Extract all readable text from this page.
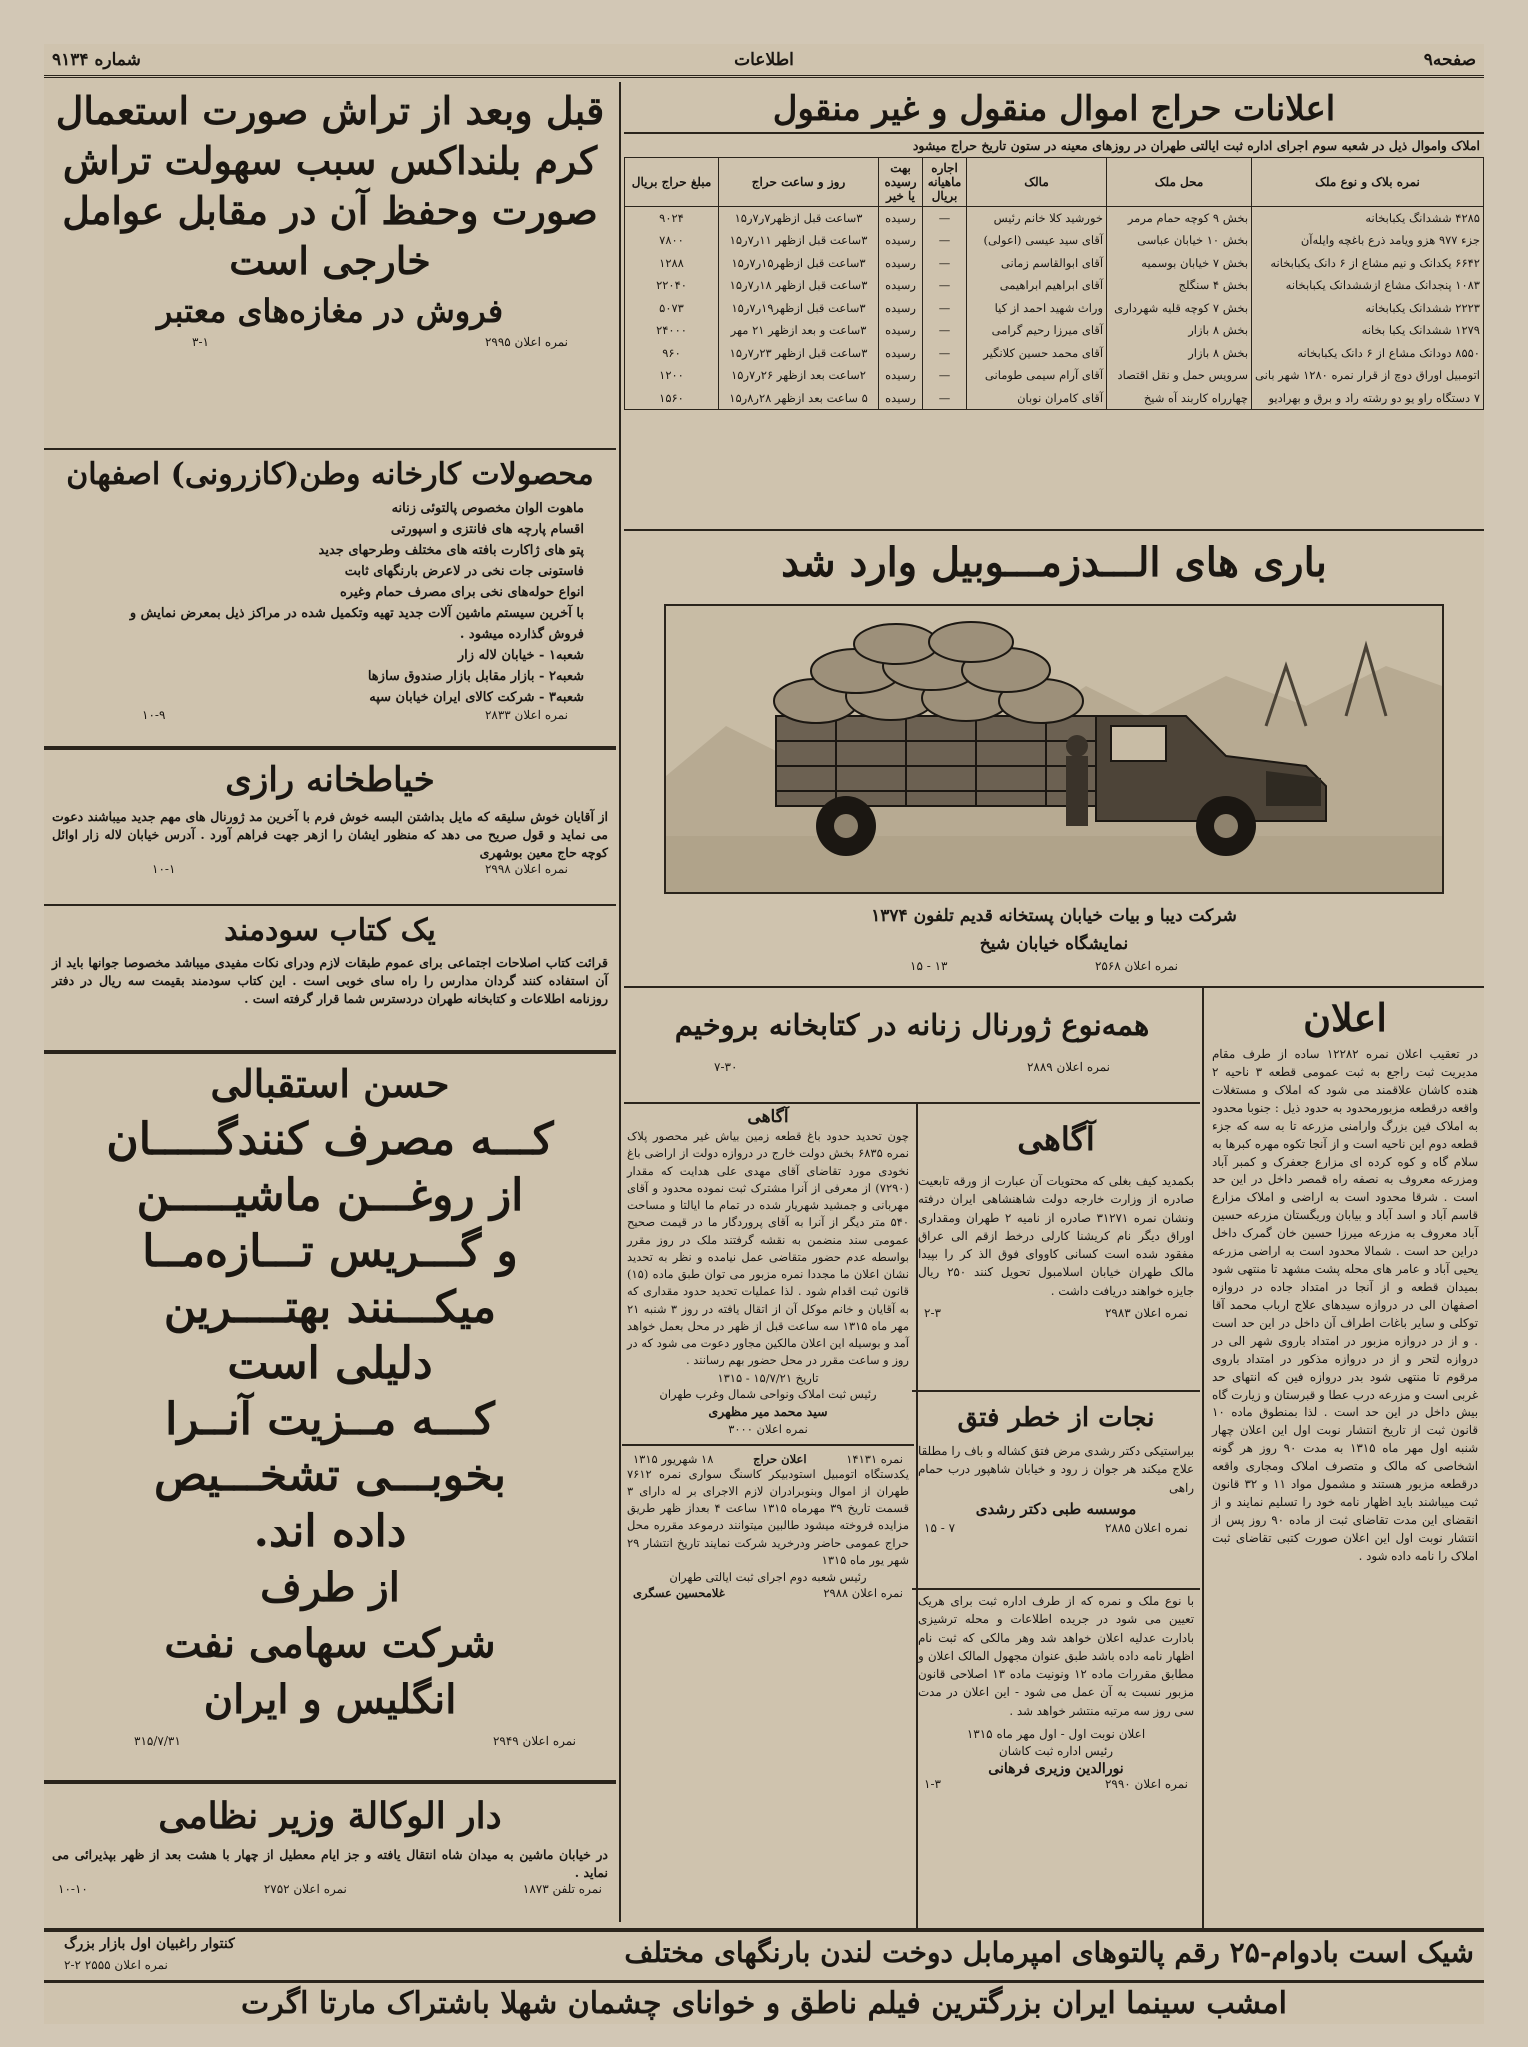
صفحه۹
اطلاعات
شماره ۹۱۳۴
اعلانات حراج اموال منقول و غیر منقول
املاک واموال ذیل در شعبه سوم اجرای اداره ثبت ایالتی طهران در روزهای معینه در ستون تاریخ حراج میشود
نمره بلاک و نوع ملک	محل ملک	مالک	اجاره ماهیانه بریال	بهت رسیده یا خیر	روز و ساعت حراج	مبلغ حراج بریال
۴۲۸۵ ششدانگ یکبابخانه	بخش ۹ کوچه حمام مرمر	خورشید کلا خانم رئیس	—	رسیده	۳ساعت قبل ازظهر۷ر۷ر۱۵	۹۰۲۴
جزء ۹۷۷ هزو ویامد ذرع باغچه وایله‌آن	بخش ۱۰ خیابان عباسی	آقای سید عیسی (اعولی)	—	رسیده	۳ساعت قبل ازظهر ۱۱ر۷ر۱۵	۷۸۰۰
۶۶۴۲ یکدانک و نیم مشاع از ۶ دانک یکبابخانه	بخش ۷ خیابان بوسمیه	آقای ابوالقاسم زمانی	—	رسیده	۳ساعت قبل ازظهر۱۵ر۷ر۱۵	۱۲۸۸
۱۰۸۳ پنجدانک مشاع ازششدانک یکبابخانه	بخش ۴ سنگلج	آقای ابراهیم ابراهیمی	—	رسیده	۳ساعت قبل ازظهر ۱۸ر۷ر۱۵	۲۲۰۴۰
۲۲۲۳ ششدانک یکبابخانه	بخش ۷ کوچه قلیه شهرداری	وراث شهید احمد از کیا	—	رسیده	۳ساعت قبل ازظهر۱۹ر۷ر۱۵	۵۰۷۳
۱۲۷۹ ششدانک یکبا بخانه	بخش ۸ بازار	آقای میرزا رحیم گرامی	—	رسیده	۳ساعت و بعد ازظهر ۲۱ مهر	۲۴۰۰۰
۸۵۵۰ دودانک مشاع از ۶ دانک یکبابخانه	بخش ۸ بازار	آقای محمد حسین کلانگیر	—	رسیده	۳ساعت قبل ازظهر ۲۳ر۷ر۱۵	۹۶۰
اتومبیل اوراق دوچ از قرار نمره ۱۲۸۰ شهر بانی	سرویس حمل و نقل اقتصاد	آقای آرام سیمی طومانی	—	رسیده	۲ساعت بعد ازظهر ۲۶ر۷ر۱۵	۱۲۰۰
۷ دستگاه راو یو دو رشته راد و برق و بهرادیو	چهارراه کاربند آه شیخ	آقای کامران نوبان	—	رسیده	۵ ساعت بعد ازظهر ۲۸ر۸ر۱۵	۱۵۶۰
باری های الـــدزمـــوبیل وارد شد
شرکت دیبا و بیات خیابان پستخانه قدیم تلفون ۱۳۷۴
نمایشگاه خیابان شیخ
نمره اعلان ۲۵۶۸
۱۳ - ۱۵
اعلان
در تعقیب اعلان نمره ۱۲۲۸۲ ساده از طرف مقام مدیریت ثبت راجع به ثبت عمومی قطعه ۳ ناحیه ۲ هنده کاشان علاقمند می شود که املاک و مستغلات واقعه درقطعه مزبورمحدود به حدود ذیل : جنوبا محدود به املاک فین بزرگ وارامنی مزرعه تا به سه که جزء قطعه دوم این ناحیه است و از آنجا تکوه مهره کبرها به سلام گاه و کوه کرده ای مزارع جعفرک و کمبر آباد ومزرعه معروف به نصفه راه قمصر داخل در این حد است . شرقا محدود است به اراضی و املاک مزارع قاسم آباد و اسد آباد و بیابان وریگستان مزرعه حسین آباد معروف به مزرعه میرزا حسین خان گمرک داخل دراین حد است . شمالا محدود است به اراضی مزرعه یحیی آباد و عامر های محله پشت مشهد تا منتهی شود بمیدان قطعه و از آنجا در امتداد جاده در دروازه اصفهان الی در دروازه سیدهای علاج ارباب محمد آقا توکلی و سایر باغات اطراف آن داخل در این حد است . و از در دروازه مزبور در امتداد باروی شهر الی در دروازه لتحر و از در دروازه مذکور در امتداد باروی مرقوم تا منتهی شود بدر دروازه فین که انتهای حد غربی است و مزرعه درب عطا و قبرستان و زیارت گاه بیش داخل در این حد است . لذا بمنطوق ماده ۱۰ قانون ثبت از تاریخ انتشار نوبت اول این اعلان چهار شنبه اول مهر ماه ۱۳۱۵ به مدت ۹۰ روز هر گونه اشخاصی که مالک و متصرف املاک ومجاری واقعه درقطعه مزبور هستند و مشمول مواد ۱۱ و ۳۲ قانون ثبت میباشند باید اظهار نامه خود را تسلیم نمایند و از انقضای این مدت تقاضای ثبت از ماده ۹۰ روز پس از انتشار نوبت اول این اعلان صورت کتبی تقاضای ثبت املاک را نامه داده شود .
همه‌نوع ژورنال زنانه در کتابخانه بروخیم
نمره اعلان ۲۸۸۹
۷-۳۰
آگاهی
چون تحدید حدود باغ قطعه زمین بیاش غیر محصور پلاک نمره ۶۸۳۵ بخش دولت خارج در دروازه دولت از اراضی باغ نخودی مورد تقاضای آقای مهدی علی هدایت که مقدار (۷۲۹۰) از معرفی از آنرا مشترک ثبت نموده محدود و آقای مهربانی و جمشید شهریار شده در تمام ما ایالتا و مساحت ۵۴۰ متر دیگر از آنرا به آقای پروردگار ما در قیمت صحیح عمومی سند منضمن به نقشه گرفتند ملک در روز مقرر بواسطه عدم حضور متقاضی عمل نیامده و نظر به تحدید نشان اعلان ما مجددا نمره مزبور می توان طبق ماده (۱۵) قانون ثبت اقدام شود . لذا عملیات تحدید حدود مقداری که به آقایان و خانم موکل آن از اتقال یافته در روز ۳ شنبه ۲۱ مهر ماه ۱۳۱۵ سه ساعت قبل از ظهر در محل بعمل خواهد آمد و بوسیله این اعلان مالکین مجاور دعوت می شود که در روز و ساعت مقرر در محل حضور بهم رسانند .
تاریخ ۱۵/۷/۲۱ - ۱۳۱۵
رئیس ثبت املاک ونواحی شمال وغرب طهران
سید محمد میر مظهری
نمره اعلان ۳۰۰۰
نمره ۱۴۱۳۱
اعلان حراج
۱۸ شهریور ۱۳۱۵
یکدستگاه اتومبیل استودبیکر کاسنگ سواری نمره ۷۶۱۲ طهران از اموال وبنوبرادران لازم الاجرای بر له دارای ۳ قسمت تاریخ ۳۹ مهرماه ۱۳۱۵ ساعت ۴ بعداز ظهر طریق مزایده فروخته میشود طالبین میتوانند درموعد مقرره محل حراج عمومی حاضر ودرخرید شرکت نمایند تاریخ انتشار ۲۹ شهر یور ماه ۱۳۱۵
رئیس شعبه دوم اجرای ثبت ایالتی طهران
نمره اعلان ۲۹۸۸
غلامحسین عسگری
آگاهی
بکمدید کیف بغلی که محتویات آن عبارت از ورقه تابعیت صادره از وزارت خارجه دولت شاهنشاهی ایران درفته ونشان نمره ۳۱۲۷۱ صادره از نامیه ۲ طهران ومقداری اوراق دیگر نام کریشنا کارلی درخط ازقم الی عراق مفقود شده است کسانی کاووای فوق الذ کر را بپیدا مالک طهران خیابان اسلامبول تحویل کنند ۲۵۰ ریال جایزه خواهند دریافت داشت .
نمره اعلان ۲۹۸۳
۲-۳
نجات از خطر فتق
بیراستیکی دکتر رشدی مرض فتق کشاله و باف را مطلقا علاج میکند هر جوان ز رود و خیابان شاهپور درب حمام راهی
موسسه طبی دکتر رشدی
نمره اعلان ۲۸۸۵
۷ - ۱۵
با نوع ملک و نمره که از طرف اداره ثبت برای هریک تعیین می شود در جریده اطلاعات و محله ترشیزی بادارت عدلیه اعلان خواهد شد وهر مالکی که ثبت نام اظهار نامه داده باشد طبق عنوان مجهول المالک اعلان و مطابق مقررات ماده ۱۲ ونونیت ماده ۱۳ اصلاحی قانون مزبور نسبت به آن عمل می شود - این اعلان در مدت سی روز سه مرتبه منتشر خواهد شد .
اعلان نوبت اول - اول مهر ماه ۱۳۱۵
رئیس اداره ثبت کاشان
نورالدین وزیری فرهانی
نمره اعلان ۲۹۹۰
۱-۳
قبل وبعد از تراش صورت استعمال
کرم بلنداکس سبب سهولت تراش
صورت وحفظ آن در مقابل عوامل
خارجی است
فروش در مغازه‌های معتبر
نمره اعلان ۲۹۹۵
۳-۱
محصولات کارخانه وطن(کازرونی) اصفهان
ماهوت الوان مخصوص پالتوئی زنانه
اقسام پارچه های فانتزی و اسپورتی
پتو های ژاکارت بافته های مختلف وطرحهای جدید
فاستونی جات نخی در لاعرض بارنگهای ثابت
انواع حوله‌های نخی برای مصرف حمام وغیره
با آخرین سیستم ماشین آلات جدید تهیه وتکمیل شده در مراکز ذیل بمعرض نمایش و
فروش گذارده میشود .
شعبه۱ - خیابان لاله زار
شعبه۲ - بازار مقابل بازار صندوق سازها
شعبه۳ - شرکت کالای ایران خیابان سپه
نمره اعلان ۲۸۳۳
۱۰-۹
خیاطخانه رازی
از آقایان خوش سلیقه که مایل بداشتن البسه خوش فرم با آخرین مد ژورنال های مهم جدید میباشند دعوت می نماید و قول صریح می دهد که منظور ایشان را ازهر جهت فراهم آورد . آدرس خیابان لاله زار اوائل کوچه حاج معین بوشهری
نمره اعلان ۲۹۹۸
۱۰-۱
یک کتاب سودمند
قرائت کتاب اصلاحات اجتماعی برای عموم طبقات لازم ودرای نکات مفیدی میباشد مخصوصا جوانها باید از آن استفاده کنند گردان مدارس را راه سای خوبی است . این کتاب سودمند بقیمت سه ریال در دفتر روزنامه اطلاعات و کتابخانه طهران دردسترس شما قرار گرفته است .
حسن استقبالی
کـــه مصرف کنندگـــــان
از روغـــن ماشیـــــن
و گـــریس تـــازه‌مــا
میکـــنند بهتــــرین
دلیلی است
کـــه مــزیت آنــرا
بخوبـــی تشخـــیص
داده اند.
از طرف
شرکت سهامی نفت
انگلیس و ایران
نمره اعلان ۲۹۴۹
۳۱۵/۷/۳۱
دار الوکالة وزیر نظامی
در خیابان ماشین به میدان شاه انتقال یافته و جز ایام معطیل از چهار با هشت بعد از ظهر بپذیرائی می نماید .
نمره تلفن ۱۸۷۳
نمره اعلان ۲۷۵۲
۱۰-۱۰
شیک است بادوام-۲۵ رقم پالتوهای امپرمابل دوخت لندن بارنگهای مختلف
کنتوار راغبیان اول بازار بزرگ
نمره اعلان ۲۵۵۵ ۲-۲
امشب سینما ایران بزرگترین فیلم ناطق و خوانای چشمان شهلا باشتراک مارتا اگرت
